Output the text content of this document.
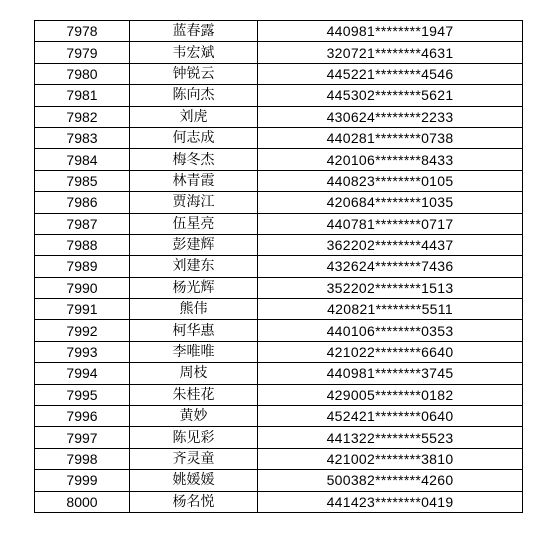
7978	蓝春露	440981********1947
7979	韦宏斌	320721********4631
7980	钟锐云	445221********4546
7981	陈向杰	445302********5621
7982	刘虎	430624********2233
7983	何志成	440281********0738
7984	梅冬杰	420106********8433
7985	林青霞	440823********0105
7986	贾海江	420684********1035
7987	伍星亮	440781********0717
7988	彭建辉	362202********4437
7989	刘建东	432624********7436
7990	杨光辉	352202********1513
7991	熊伟	420821********5511
7992	柯华惠	440106********0353
7993	李唯唯	421022********6640
7994	周枝	440981********3745
7995	朱桂花	429005********0182
7996	黄妙	452421********0640
7997	陈见彩	441322********5523
7998	齐灵童	421002********3810
7999	姚媛媛	500382********4260
8000	杨名悦	441423********0419
